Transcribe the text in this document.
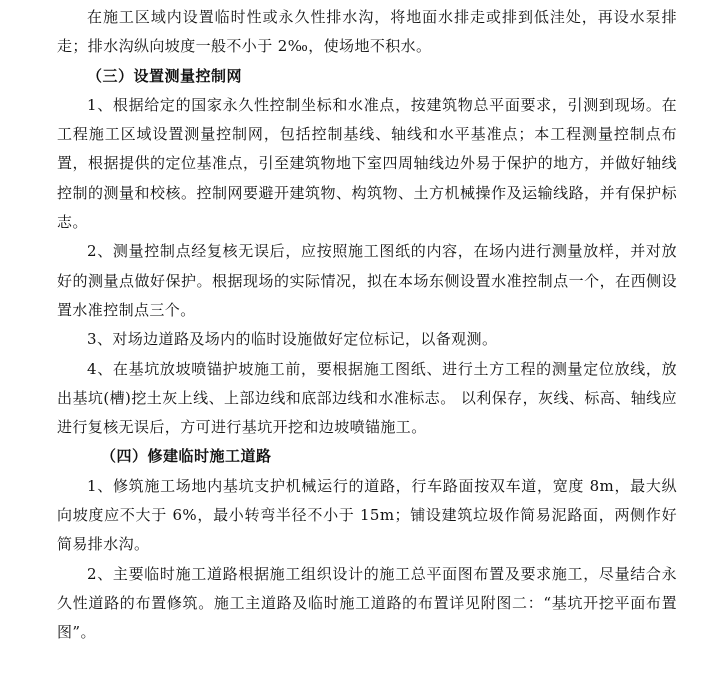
在施工区域内设置临时性或永久性排水沟，将地面水排走或排到低洼处，再设水泵排走；排水沟纵向坡度一般不小于 2‰，使场地不积水。

（三）设置测量控制网

1、根据给定的国家永久性控制坐标和水准点，按建筑物总平面要求，引测到现场。在工程施工区域设置测量控制网，包括控制基线、轴线和水平基准点；本工程测量控制点布置，根据提供的定位基准点，引至建筑物地下室四周轴线边外易于保护的地方，并做好轴线控制的测量和校核。控制网要避开建筑物、构筑物、土方机械操作及运输线路，并有保护标志。

2、测量控制点经复核无误后，应按照施工图纸的内容，在场内进行测量放样，并对放好的测量点做好保护。根据现场的实际情况，拟在本场东侧设置水准控制点一个，在西侧设置水准控制点三个。

3、对场边道路及场内的临时设施做好定位标记，以备观测。

4、在基坑放坡喷锚护坡施工前，要根据施工图纸、进行土方工程的测量定位放线，放出基坑(槽)挖土灰上线、上部边线和底部边线和水准标志。 以利保存，灰线、标高、轴线应进行复核无误后，方可进行基坑开挖和边坡喷锚施工。

（四）修建临时施工道路

1、修筑施工场地内基坑支护机械运行的道路，行车路面按双车道，宽度 8m，最大纵向坡度应不大于 6%，最小转弯半径不小于 15m；铺设建筑垃圾作简易泥路面，两侧作好简易排水沟。

2、主要临时施工道路根据施工组织设计的施工总平面图布置及要求施工，尽量结合永久性道路的布置修筑。施工主道路及临时施工道路的布置详见附图二：“基坑开挖平面布置图”。
